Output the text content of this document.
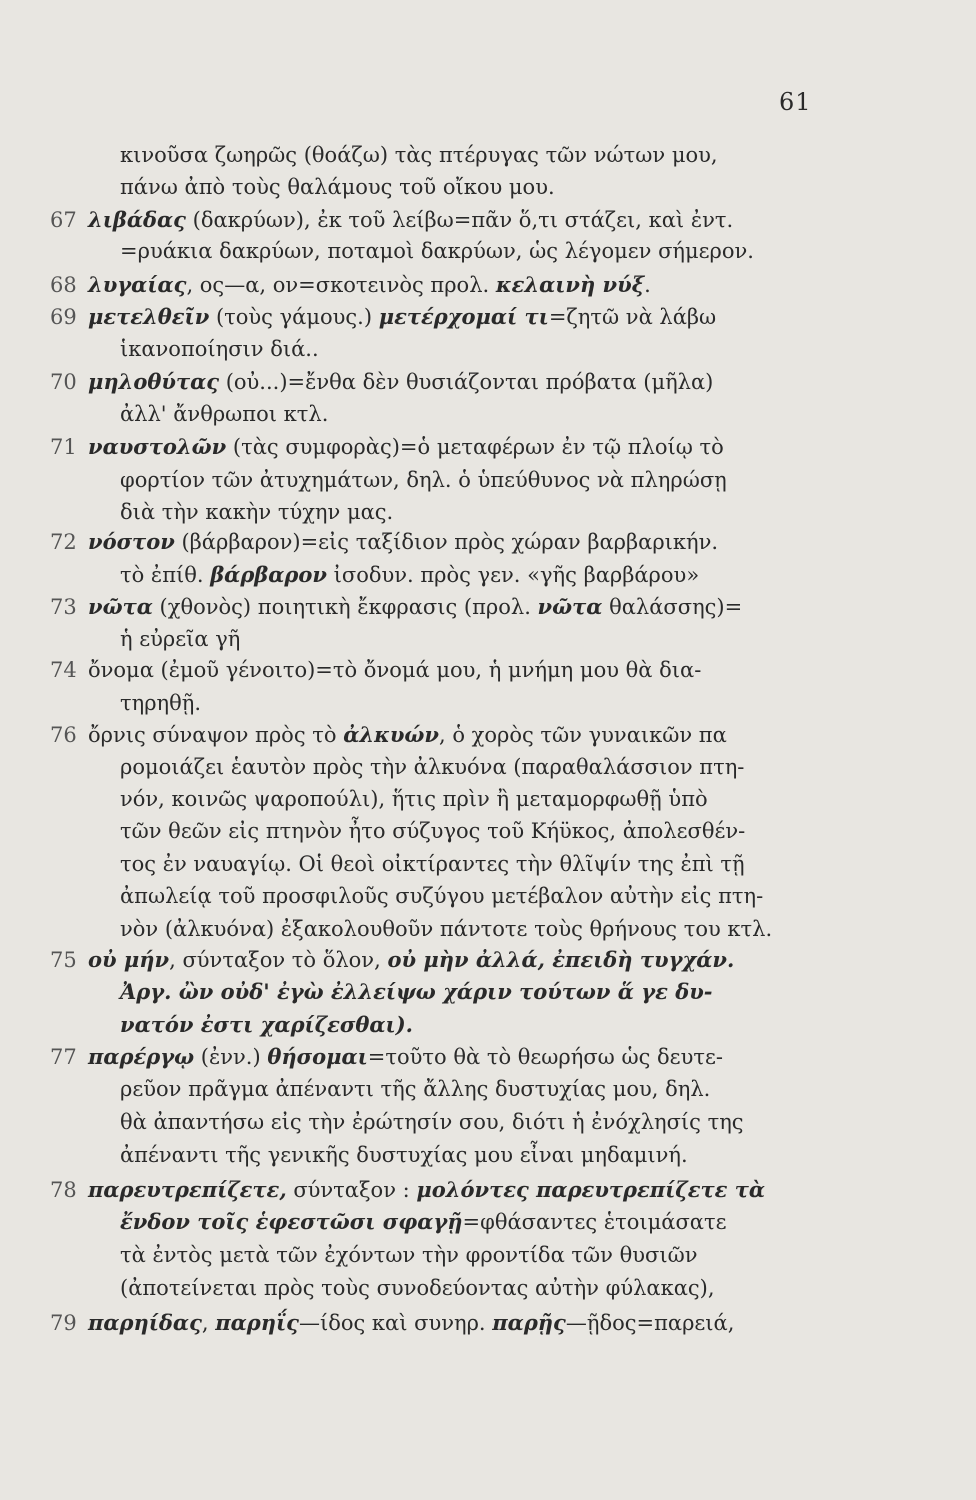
61
κινοῦσα ζωηρῶς (θοάζω) τὰς πτέρυγας τῶν νώτων μου,
πάνω ἀπὸ τοὺς θαλάμους τοῦ οἴκου μου.
67 λιβάδας (δακρύων), ἐκ τοῦ λείβω=πᾶν ὅ,τι στάζει, καὶ ἐντ.
=ρυάκια δακρύων, ποταμοὶ δακρύων, ὡς λέγομεν σήμερον.
68 λυγαίας, ος—α, ον=σκοτεινὸς προλ. κελαινὴ νύξ.
69 μετελθεῖν (τοὺς γάμους.) μετέρχομαί τι=ζητῶ νὰ λάβω
ἱκανοποίησιν διά..
70 μηλοθύτας (οὐ...)=ἔνθα δὲν θυσιάζονται πρόβατα (μῆλα)
ἀλλ' ἄνθρωποι κτλ.
71 ναυστολῶν (τὰς συμφορὰς)=ὁ μεταφέρων ἐν τῷ πλοίῳ τὸ
φορτίον τῶν ἀτυχημάτων, δηλ. ὁ ὑπεύθυνος νὰ πληρώσῃ
διὰ τὴν κακὴν τύχην μας.
72 νόστον (βάρβαρον)=εἰς ταξίδιον πρὸς χώραν βαρβαρικήν.
τὸ ἐπίθ. βάρβαρον ἰσοδυν. πρὸς γεν. «γῆς βαρβάρου»
73 νῶτα (χθονὸς) ποιητικὴ ἔκφρασις (προλ. νῶτα θαλάσσης)=
ἡ εὐρεῖα γῆ
74 ὄνομα (ἐμοῦ γένοιτο)=τὸ ὄνομά μου, ἡ μνήμη μου θὰ δια-
τηρηθῇ.
76 ὄρνις σύναψον πρὸς τὸ ἀλκυών, ὁ χορὸς τῶν γυναικῶν πα
ρομοιάζει ἑαυτὸν πρὸς τὴν ἀλκυόνα (παραθαλάσσιον πτη-
νόν, κοινῶς ψαροπούλι), ἥτις πρὶν ἢ μεταμορφωθῇ ὑπὸ
τῶν θεῶν εἰς πτηνὸν ἦτο σύζυγος τοῦ Κήϋκος, ἀπολεσθέν-
τος ἐν ναυαγίῳ. Οἱ θεοὶ οἰκτίραντες τὴν θλῖψίν της ἐπὶ τῇ
ἀπωλείᾳ τοῦ προσφιλοῦς συζύγου μετέβαλον αὐτὴν εἰς πτη-
νὸν (ἀλκυόνα) ἐξακολουθοῦν πάντοτε τοὺς θρήνους του κτλ.
75 οὐ μήν, σύνταξον τὸ ὅλον, οὐ μὴν ἀλλά, ἐπειδὴ τυγχάν.
Ἀργ. ὢν οὐδ' ἐγὼ ἐλλείψω χάριν τούτων ἅ γε δυ-
νατόν ἐστι χαρίζεσθαι).
77 παρέργῳ (ἐνν.) θήσομαι=τοῦτο θὰ τὸ θεωρήσω ὡς δευτε-
ρεῦον πρᾶγμα ἀπέναντι τῆς ἄλλης δυστυχίας μου, δηλ.
θὰ ἀπαντήσω εἰς τὴν ἐρώτησίν σου, διότι ἡ ἐνόχλησίς της
ἀπέναντι τῆς γενικῆς δυστυχίας μου εἶναι μηδαμινή.
78 παρευτρεπίζετε, σύνταξον : μολόντες παρευτρεπίζετε τὰ
ἔνδον τοῖς ἑφεστῶσι σφαγῇ=φθάσαντες ἑτοιμάσατε
τὰ ἐντὸς μετὰ τῶν ἐχόντων τὴν φροντίδα τῶν θυσιῶν
(ἀποτείνεται πρὸς τοὺς συνοδεύοντας αὐτὴν φύλακας),
79 παρηίδας, παρηΐς—ίδος καὶ συνηρ. παρῇς—ῇδος=παρειά,
